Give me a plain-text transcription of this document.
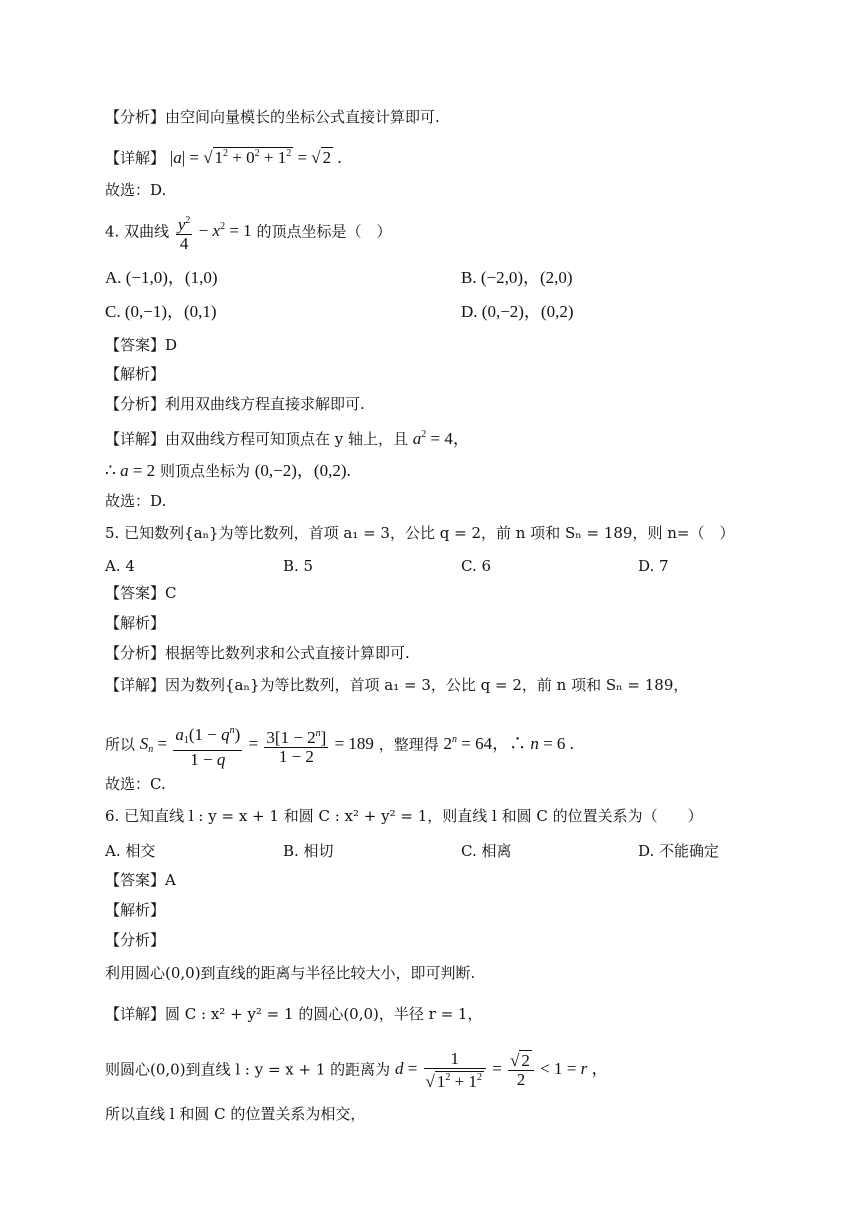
【分析】由空间向量模长的坐标公式直接计算即可.
【详解】 |a| = √ $1^2 + 0^2 + 1^2$ = √ 2 .
故选：D.
4. 双曲线 $\frac{y^2}{4} - x^2 = 1$ 的顶点坐标是（　）
A. (−1,0)，(1,0)	B. (−2,0)，(2,0)
C. (0,−1)，(0,1)	D. (0,−2)，(0,2)
【答案】D
【解析】
【分析】利用双曲线方程直接求解即可.
【详解】由双曲线方程可知顶点在 y 轴上，且 $a^2 = 4$，
∴ a = 2 则顶点坐标为 (0,−2)，(0,2).
故选：D.
5. 已知数列{aₙ}为等比数列，首项 a₁ = 3，公比 q = 2，前 n 项和 Sₙ = 189，则 n=（　）
A. 4	B. 5	C. 6	D. 7
【答案】C
【解析】
【分析】根据等比数列求和公式直接计算即可.
【详解】因为数列{aₙ}为等比数列，首项 a₁ = 3，公比 q = 2，前 n 项和 Sₙ = 189，
所以 $S_n = \frac{a_1(1 - q^n)}{1 - q} = \frac{3[1 - 2^n]}{1 - 2} = 189$ ，整理得 $2^n = 64$，∴ n = 6 .
故选：C.
6. 已知直线 l : y = x + 1 和圆 C : x² + y² = 1，则直线 l 和圆 C 的位置关系为（　　）
A. 相交	B. 相切	C. 相离	D. 不能确定
【答案】A
【解析】
【分析】
利用圆心(0,0)到直线的距离与半径比较大小，即可判断.
【详解】圆 C : x² + y² = 1 的圆心(0,0)，半径 r = 1，
则圆心(0,0)到直线 l : y = x + 1 的距离为 $d = \frac{1}{√ 1^2 + 1^2} = \frac{√ 2}{2} < 1 = r$ ，
所以直线 l 和圆 C 的位置关系为相交，
